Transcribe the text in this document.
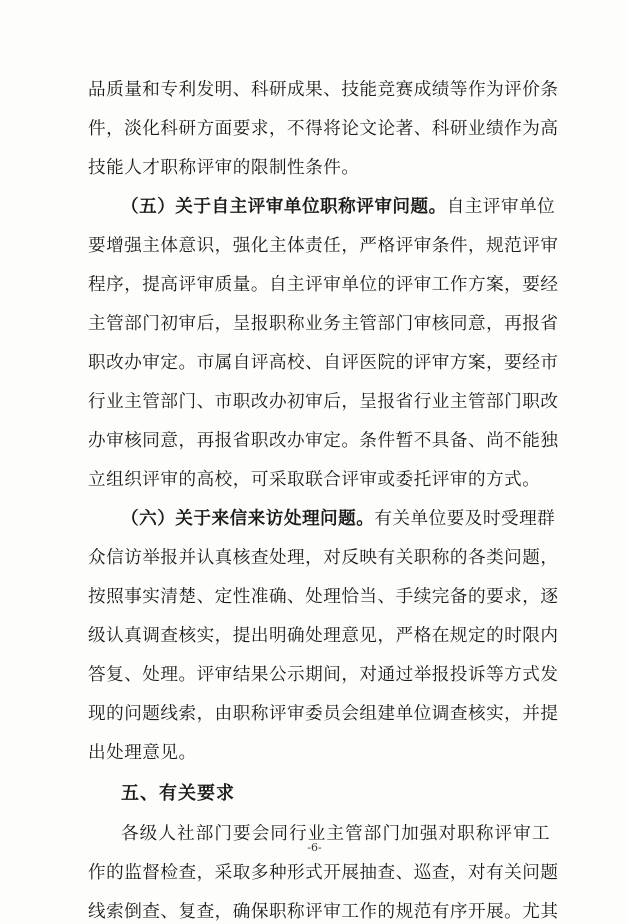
品质量和专利发明、科研成果、技能竞赛成绩等作为评价条
件，淡化科研方面要求，不得将论文论著、科研业绩作为高
技能人才职称评审的限制性条件。
（五）关于自主评审单位职称评审问题。自主评审单位
要增强主体意识，强化主体责任，严格评审条件，规范评审
程序，提高评审质量。自主评审单位的评审工作方案，要经
主管部门初审后，呈报职称业务主管部门审核同意，再报省
职改办审定。市属自评高校、自评医院的评审方案，要经市
行业主管部门、市职改办初审后，呈报省行业主管部门职改
办审核同意，再报省职改办审定。条件暂不具备、尚不能独
立组织评审的高校，可采取联合评审或委托评审的方式。
（六）关于来信来访处理问题。有关单位要及时受理群
众信访举报并认真核查处理，对反映有关职称的各类问题，
按照事实清楚、定性准确、处理恰当、手续完备的要求，逐
级认真调查核实，提出明确处理意见，严格在规定的时限内
答复、处理。评审结果公示期间，对通过举报投诉等方式发
现的问题线索，由职称评审委员会组建单位调查核实，并提
出处理意见。
五、有关要求
各级人社部门要会同行业主管部门加强对职称评审工
作的监督检查，采取多种形式开展抽查、巡查，对有关问题
线索倒查、复查，确保职称评审工作的规范有序开展。尤其
-6-
